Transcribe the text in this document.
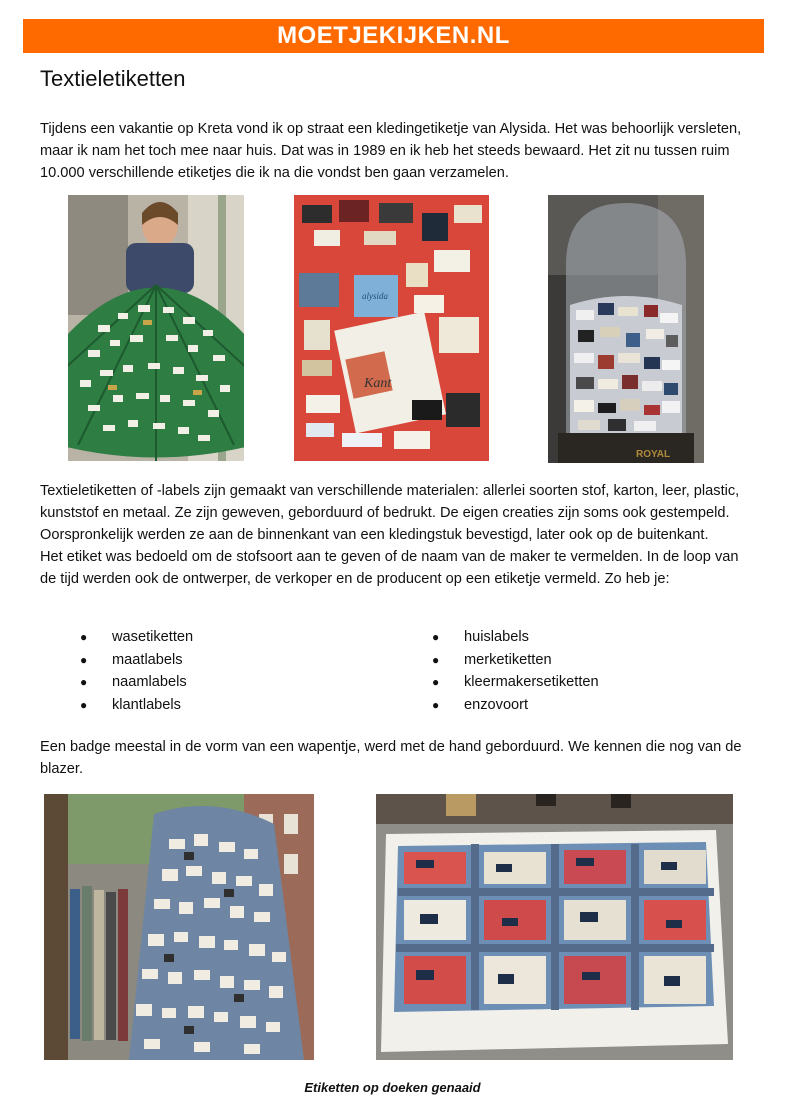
MOETJEKIJKEN.NL
Textieletiketten

Tijdens een vakantie op Kreta vond ik op straat een kledingetiketje van Alysida. Het was behoorlijk versleten, maar ik nam het toch mee naar huis. Dat was in 1989 en ik heb het steeds bewaard. Het zit nu tussen ruim 10.000 verschillende etiketjes die ik na die vondst ben gaan verzamelen.

alysida
Kant
ROYAL

Textieletiketten of -labels zijn gemaakt van verschillende materialen: allerlei soorten stof, karton, leer, plastic, kunststof en metaal. Ze zijn geweven, geborduurd of bedrukt. De eigen creaties zijn soms ook gestempeld. Oorspronkelijk werden ze aan de binnenkant van een kledingstuk bevestigd, later ook op de buitenkant.
Het etiket was bedoeld om de stofsoort aan te geven of de naam van de maker te vermelden. In de loop van de tijd werden ook de ontwerper, de verkoper en de producent op een etiketje vermeld. Zo heb je:

●	wasetiketten	●	huislabels
●	maatlabels	●	merketiketten
●	naamlabels	●	kleermakersetiketten
●	klantlabels	●	enzovoort

Een badge meestal in de vorm van een wapentje, werd met de hand geborduurd. We kennen die nog van de blazer.

Etiketten op doeken genaaid
